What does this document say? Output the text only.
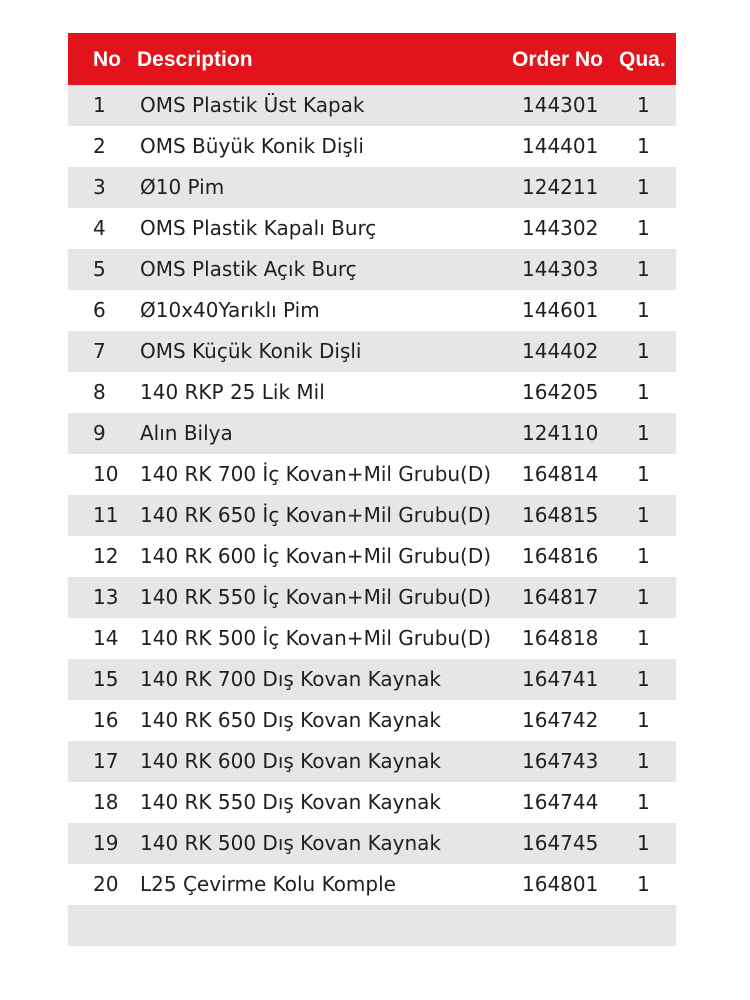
No Description	Order No Qua.
1 OMS Plastik Üst Kapak	144301 1
2 OMS Büyük Konik Dişli	144401 1
3 Ø10 Pim	124211 1
4 OMS Plastik Kapalı Burç	144302 1
5 OMS Plastik Açık Burç	144303 1
6 Ø10x40Yarıklı Pim	144601 1
7 OMS Küçük Konik Dişli	144402 1
8 140 RKP 25 Lik Mil	164205 1
9 Alın Bilya	124110 1
10 140 RK 700 İç Kovan+Mil Grubu(D) 164814 1
11 140 RK 650 İç Kovan+Mil Grubu(D) 164815 1
12 140 RK 600 İç Kovan+Mil Grubu(D) 164816 1
13 140 RK 550 İç Kovan+Mil Grubu(D) 164817 1
14 140 RK 500 İç Kovan+Mil Grubu(D) 164818 1
15 140 RK 700 Dış Kovan Kaynak	164741 1
16 140 RK 650 Dış Kovan Kaynak	164742 1
17 140 RK 600 Dış Kovan Kaynak	164743 1
18 140 RK 550 Dış Kovan Kaynak	164744 1
19 140 RK 500 Dış Kovan Kaynak	164745 1
20 L25 Çevirme Kolu Komple	164801 1
